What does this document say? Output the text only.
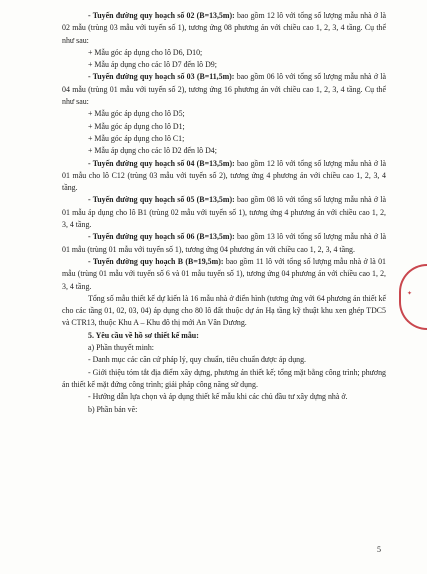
- Tuyến đường quy hoạch số 02 (B=13,5m): bao gồm 12 lô với tổng số lượng mẫu nhà ở là 02 mẫu (trùng 03 mẫu với tuyến số 1), tương ứng 08 phương án với chiều cao 1, 2, 3, 4 tầng. Cụ thể như sau:

+ Mẫu góc áp dụng cho lô D6, D10;

+ Mẫu áp dụng cho các lô D7 đến lô D9;

- Tuyến đường quy hoạch số 03 (B=11,5m): bao gồm 06 lô với tổng số lượng mẫu nhà ở là 04 mẫu (trùng 01 mẫu với tuyến số 2), tương ứng 16 phương án với chiều cao 1, 2, 3, 4 tầng. Cụ thể như sau:

+ Mẫu góc áp dụng cho lô D5;

+ Mẫu góc áp dụng cho lô D1;

+ Mẫu góc áp dụng cho lô C1;

+ Mẫu áp dụng cho các lô D2 đến lô D4;

- Tuyến đường quy hoạch số 04 (B=13,5m): bao gồm 12 lô với tổng số lượng mẫu nhà ở là 01 mẫu cho lô C12 (trùng 03 mẫu với tuyến số 2), tương ứng 4 phương án với chiều cao 1, 2, 3, 4 tầng.

- Tuyến đường quy hoạch số 05 (B=13,5m): bao gồm 08 lô với tổng số lượng mẫu nhà ở là 01 mẫu áp dụng cho lô B1 (trùng 02 mẫu với tuyến số 1), tương ứng 4 phương án với chiều cao 1, 2, 3, 4 tầng.

- Tuyến đường quy hoạch số 06 (B=13,5m): bao gồm 13 lô với tổng số lượng mẫu nhà ở là 01 mẫu (trùng 01 mẫu với tuyến số 1), tương ứng 04 phương án với chiều cao 1, 2, 3, 4 tầng.

- Tuyến đường quy hoạch B (B=19,5m): bao gồm 11 lô với tổng số lượng mẫu nhà ở là 01 mẫu (trùng 01 mẫu với tuyến số 6 và 01 mẫu tuyến số 1), tương ứng 04 phương án với chiều cao 1, 2, 3, 4 tầng.

Tổng số mẫu thiết kế dự kiến là 16 mẫu nhà ở điển hình (tương ứng với 64 phương án thiết kế cho các tầng 01, 02, 03, 04) áp dụng cho 80 lô đất thuộc dự án Hạ tầng kỹ thuật khu xen ghép TDC5 và CTR13, thuộc Khu A – Khu đô thị mới An Vân Dương.

5. Yêu cầu về hồ sơ thiết kế mẫu:

a) Phần thuyết minh:

- Danh mục các căn cứ pháp lý, quy chuẩn, tiêu chuẩn được áp dụng.

- Giới thiệu tóm tắt địa điểm xây dựng, phương án thiết kế; tổng mặt bằng công trình; phương án thiết kế mặt đứng công trình; giải pháp công năng sử dụng.

- Hướng dẫn lựa chọn và áp dụng thiết kế mẫu khi các chủ đầu tư xây dựng nhà ở.

b) Phần bản vẽ:

✦
5
